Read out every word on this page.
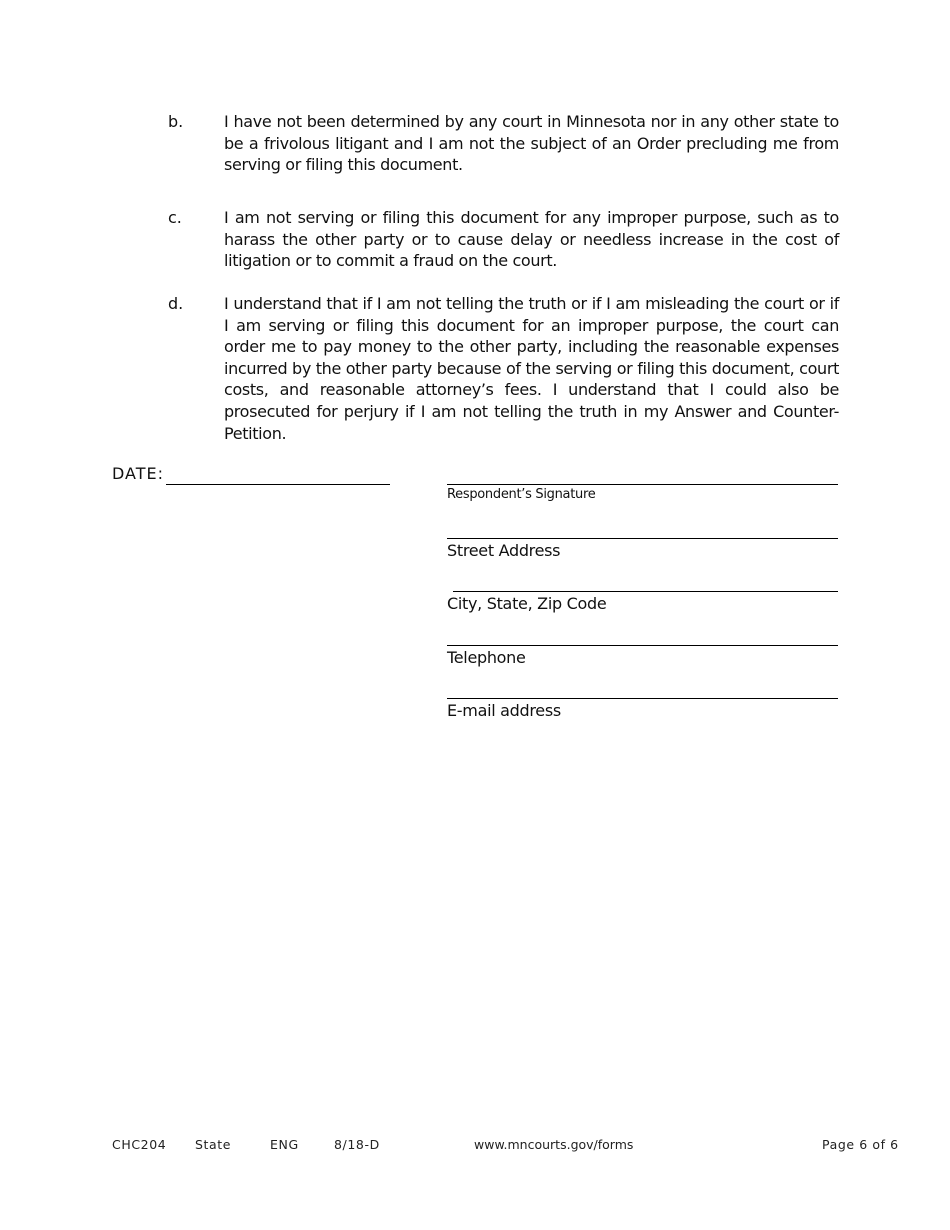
b.	I have not been determined by any court in Minnesota nor in any other state to be a frivolous litigant and I am not the subject of an Order precluding me from serving or filing this document.
c.	I am not serving or filing this document for any improper purpose, such as to harass the other party or to cause delay or needless increase in the cost of litigation or to commit a fraud on the court.
d.	I understand that if I am not telling the truth or if I am misleading the court or if I am serving or filing this document for an improper purpose, the court can order me to pay money to the other party, including the reasonable expenses incurred by the other party because of the serving or filing this document, court costs, and reasonable attorney’s fees. I understand that I could also be prosecuted for perjury if I am not telling the truth in my Answer and Counter-Petition.
DATE:
Respondent’s Signature
Street Address
City, State, Zip Code
Telephone
E-mail address
CHC204 State	ENG	8/18-D	www.mncourts.gov/forms	Page 6 of 6
